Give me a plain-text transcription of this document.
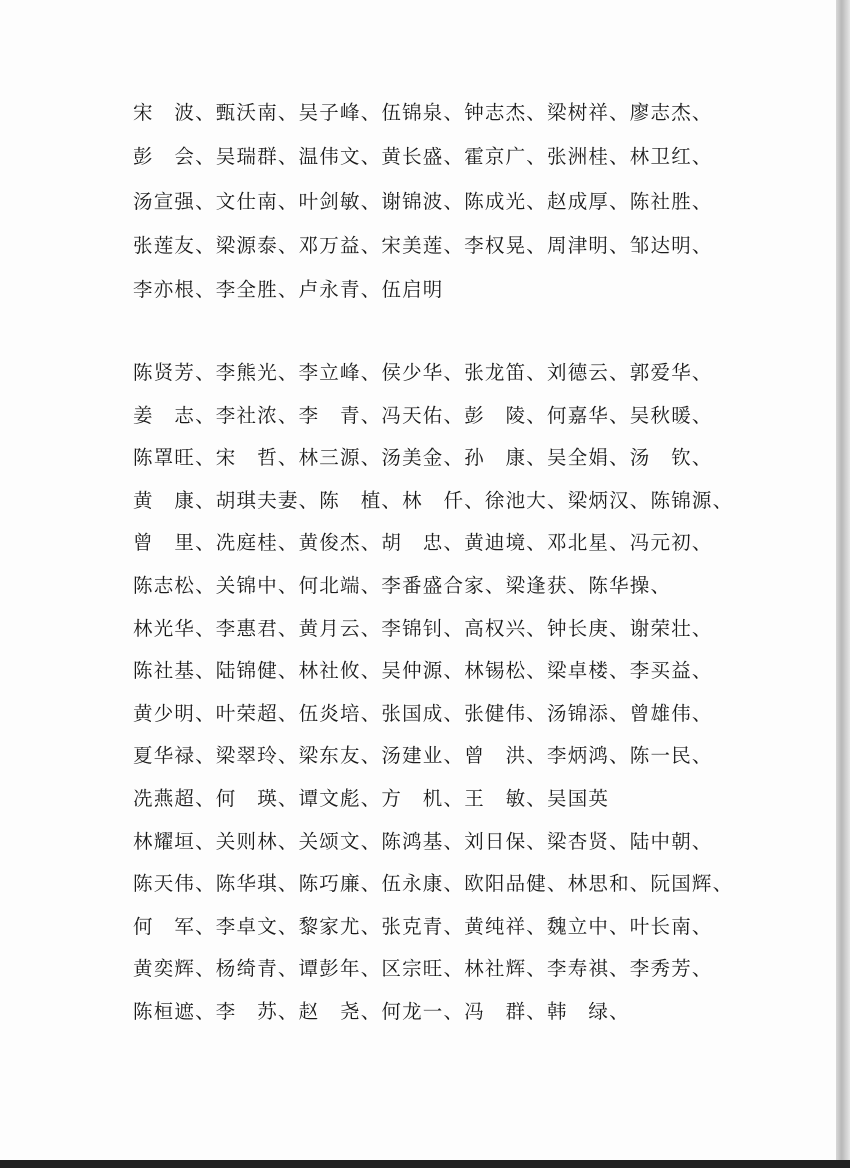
宋　波、甄沃南、吴子峰、伍锦泉、钟志杰、梁树祥、廖志杰、
彭　会、吴瑞群、温伟文、黄长盛、霍京广、张洲桂、林卫红、
汤宣强、文仕南、叶剑敏、谢锦波、陈成光、赵成厚、陈社胜、
张莲友、梁源泰、邓万益、宋美莲、李权晃、周津明、邹达明、
李亦根、李全胜、卢永青、伍启明
陈贤芳、李熊光、李立峰、侯少华、张龙笛、刘德云、郭爱华、
姜　志、李社浓、李　青、冯天佑、彭　陵、何嘉华、吴秋暖、
陈罩旺、宋　哲、林三源、汤美金、孙　康、吴全娟、汤　钦、
黄　康、胡琪夫妻、陈　植、林　仟、徐池大、梁炳汉、陈锦源、
曾　里、冼庭桂、黄俊杰、胡　忠、黄迪境、邓北星、冯元初、
陈志松、关锦中、何北端、李番盛合家、梁逢获、陈华操、
林光华、李惠君、黄月云、李锦钊、高权兴、钟长庚、谢荣壮、
陈社基、陆锦健、林社攸、吴仲源、林锡松、梁卓楼、李买益、
黄少明、叶荣超、伍炎培、张国成、张健伟、汤锦添、曾雄伟、
夏华禄、梁翠玲、梁东友、汤建业、曾　洪、李炳鸿、陈一民、
冼燕超、何　瑛、谭文彪、方　机、王　敏、吴国英
林耀垣、关则林、关颂文、陈鸿基、刘日保、梁杏贤、陆中朝、
陈天伟、陈华琪、陈巧廉、伍永康、欧阳品健、林思和、阮国辉、
何　军、李卓文、黎家尤、张克青、黄纯祥、魏立中、叶长南、
黄奕辉、杨绮青、谭彭年、区宗旺、林社辉、李寿祺、李秀芳、
陈桓遮、李　苏、赵　尧、何龙一、冯　群、韩　绿、
